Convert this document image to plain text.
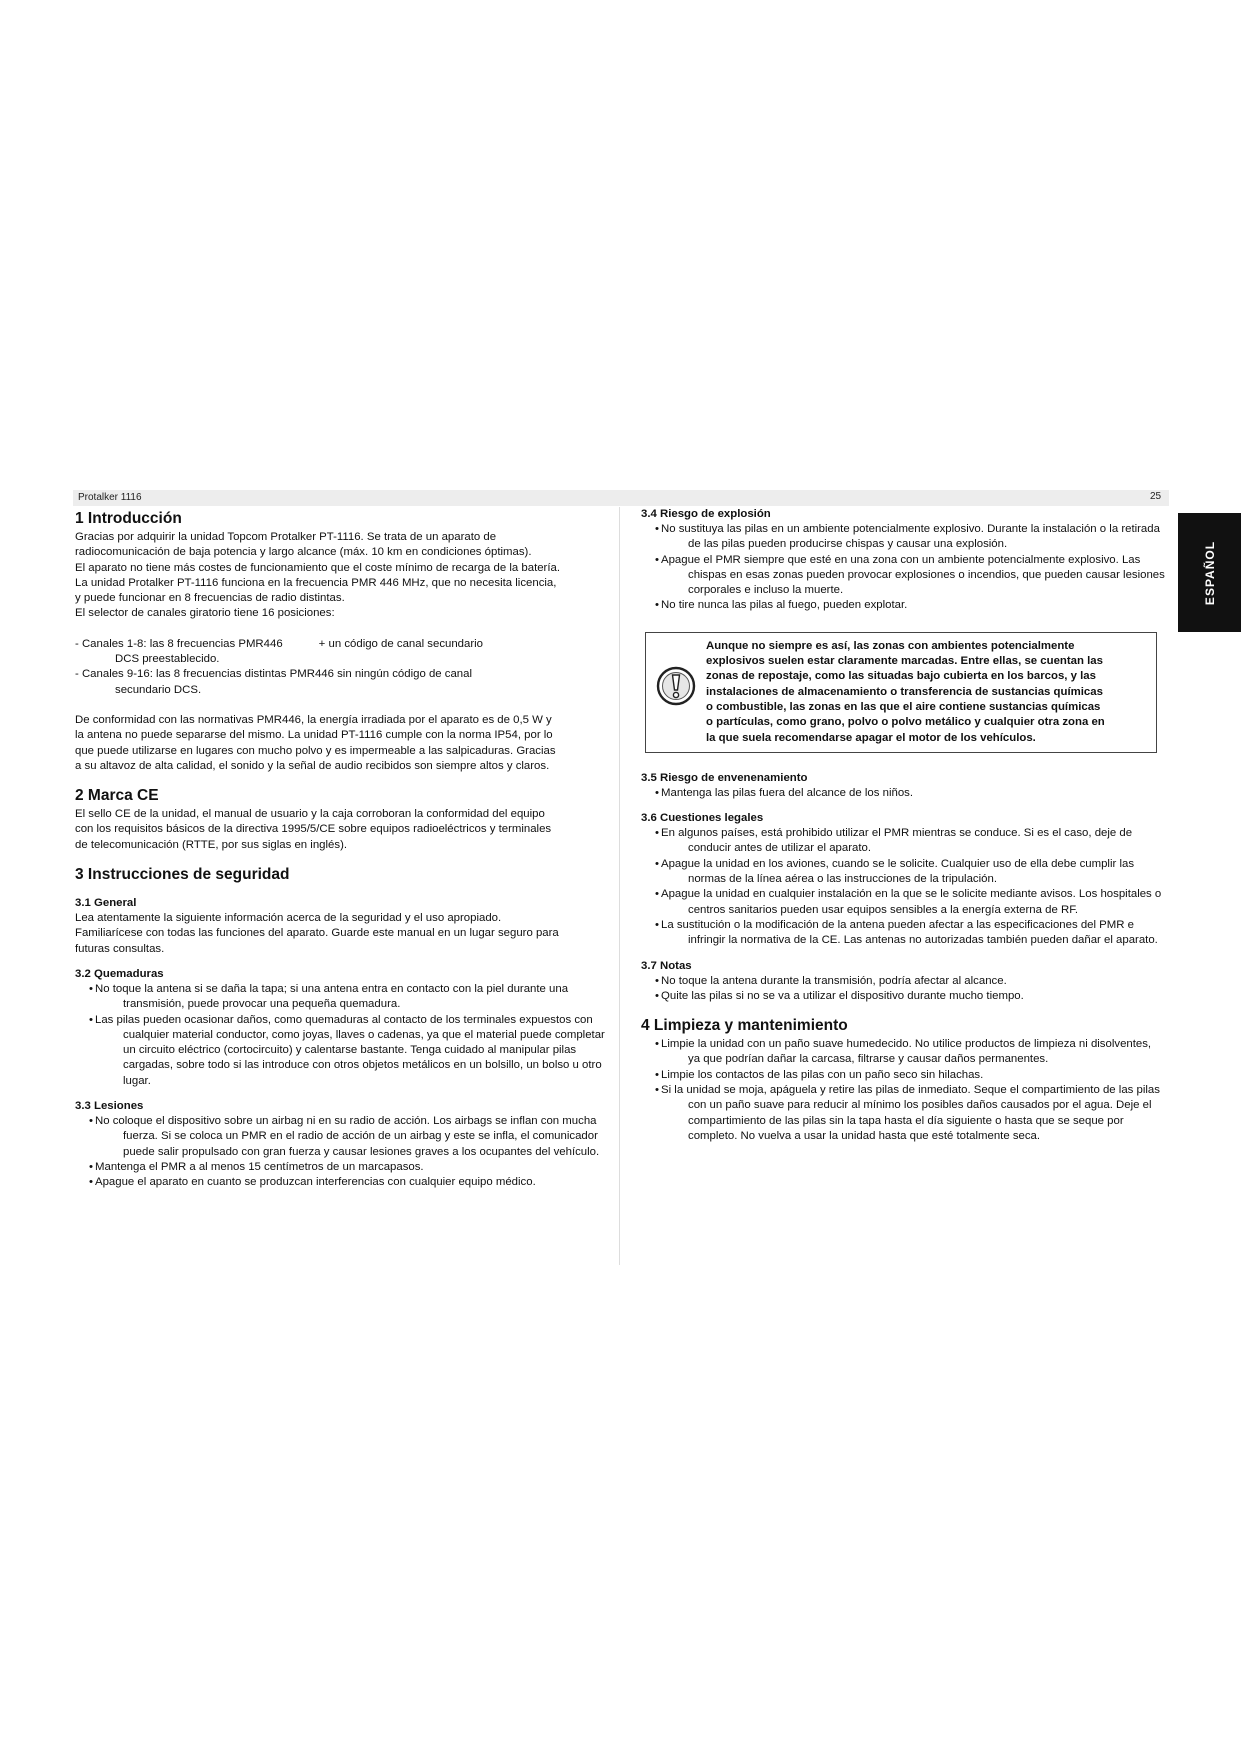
Protalker 1116	25
ESPAÑOL
1 Introducción

Gracias por adquirir la unidad Topcom Protalker PT-1116. Se trata de un aparato de

radiocomunicación de baja potencia y largo alcance (máx. 10 km en condiciones óptimas).

El aparato no tiene más costes de funcionamiento que el coste mínimo de recarga de la batería.

La unidad Protalker PT-1116 funciona en la frecuencia PMR 446 MHz, que no necesita licencia,

y puede funcionar en 8 frecuencias de radio distintas.

El selector de canales giratorio tiene 16 posiciones:

- Canales 1-8: las 8 frecuencias PMR446	+ un código de canal secundario

DCS preestablecido.

- Canales 9-16: las 8 frecuencias distintas PMR446 sin ningún código de canal

secundario DCS.

De conformidad con las normativas PMR446, la energía irradiada por el aparato es de 0,5 W y

la antena no puede separarse del mismo. La unidad PT-1116 cumple con la norma IP54, por lo

que puede utilizarse en lugares con mucho polvo y es impermeable a las salpicaduras. Gracias

a su altavoz de alta calidad, el sonido y la señal de audio recibidos son siempre altos y claros.

2 Marca CE

El sello CE de la unidad, el manual de usuario y la caja corroboran la conformidad del equipo

con los requisitos básicos de la directiva 1995/5/CE sobre equipos radioeléctricos y terminales

de telecomunicación (RTTE, por sus siglas en inglés).

3 Instrucciones de seguridad
3.1 General

Lea atentamente la siguiente información acerca de la seguridad y el uso apropiado.

Familiarícese con todas las funciones del aparato. Guarde este manual en un lugar seguro para

futuras consultas.

3.2 Quemaduras
• No toque la antena si se daña la tapa; si una antena entra en contacto con la piel durante una transmisión, puede provocar una pequeña quemadura.
• Las pilas pueden ocasionar daños, como quemaduras al contacto de los terminales expuestos con cualquier material conductor, como joyas, llaves o cadenas, ya que el material puede completar un circuito eléctrico (cortocircuito) y calentarse bastante. Tenga cuidado al manipular pilas cargadas, sobre todo si las introduce con otros objetos metálicos en un bolsillo, un bolso u otro lugar.
3.3 Lesiones
• No coloque el dispositivo sobre un airbag ni en su radio de acción. Los airbags se inflan con mucha fuerza. Si se coloca un PMR en el radio de acción de un airbag y este se infla, el comunicador puede salir propulsado con gran fuerza y causar lesiones graves a los ocupantes del vehículo.
• Mantenga el PMR a al menos 15 centímetros de un marcapasos.
• Apague el aparato en cuanto se produzcan interferencias con cualquier equipo médico.
3.4 Riesgo de explosión
• No sustituya las pilas en un ambiente potencialmente explosivo. Durante la instalación o la retirada de las pilas pueden producirse chispas y causar una explosión.
• Apague el PMR siempre que esté en una zona con un ambiente potencialmente explosivo. Las chispas en esas zonas pueden provocar explosiones o incendios, que pueden causar lesiones corporales e incluso la muerte.
• No tire nunca las pilas al fuego, pueden explotar.

Aunque no siempre es así, las zonas con ambientes potencialmente

explosivos suelen estar claramente marcadas. Entre ellas, se cuentan las

zonas de repostaje, como las situadas bajo cubierta en los barcos, y las

instalaciones de almacenamiento o transferencia de sustancias químicas

o combustible, las zonas en las que el aire contiene sustancias químicas

o partículas, como grano, polvo o polvo metálico y cualquier otra zona en

la que suela recomendarse apagar el motor de los vehículos.

3.5 Riesgo de envenenamiento
• Mantenga las pilas fuera del alcance de los niños.
3.6 Cuestiones legales
• En algunos países, está prohibido utilizar el PMR mientras se conduce. Si es el caso, deje de conducir antes de utilizar el aparato.
• Apague la unidad en los aviones, cuando se le solicite. Cualquier uso de ella debe cumplir las normas de la línea aérea o las instrucciones de la tripulación.
• Apague la unidad en cualquier instalación en la que se le solicite mediante avisos. Los hospitales o centros sanitarios pueden usar equipos sensibles a la energía externa de RF.
• La sustitución o la modificación de la antena pueden afectar a las especificaciones del PMR e infringir la normativa de la CE. Las antenas no autorizadas también pueden dañar el aparato.
3.7 Notas
• No toque la antena durante la transmisión, podría afectar al alcance.
• Quite las pilas si no se va a utilizar el dispositivo durante mucho tiempo.
4 Limpieza y mantenimiento
• Limpie la unidad con un paño suave humedecido. No utilice productos de limpieza ni disolventes, ya que podrían dañar la carcasa, filtrarse y causar daños permanentes.
• Limpie los contactos de las pilas con un paño seco sin hilachas.
• Si la unidad se moja, apáguela y retire las pilas de inmediato. Seque el compartimiento de las pilas con un paño suave para reducir al mínimo los posibles daños causados por el agua. Deje el compartimiento de las pilas sin la tapa hasta el día siguiente o hasta que se seque por completo. No vuelva a usar la unidad hasta que esté totalmente seca.
